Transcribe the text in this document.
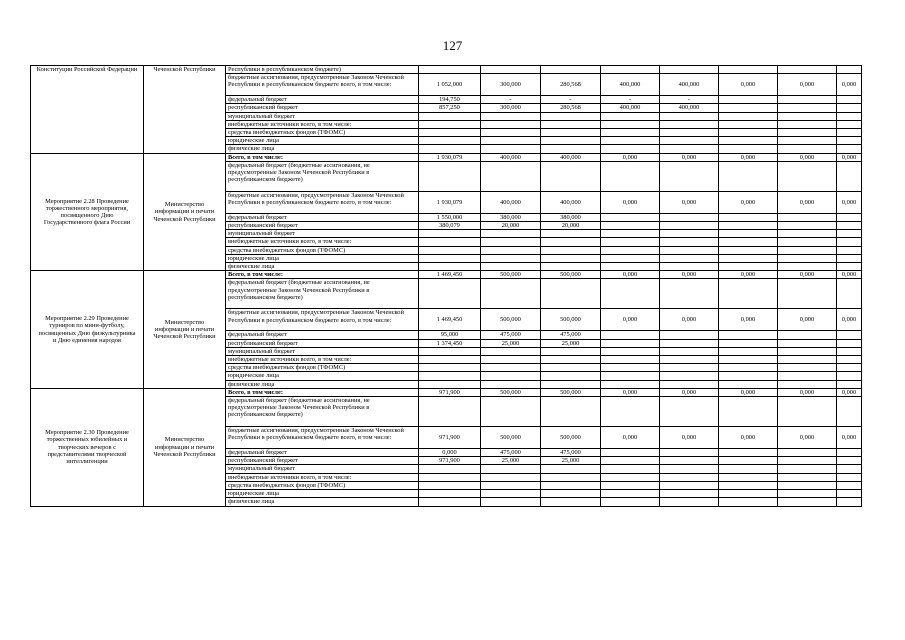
127
Конституции Российской Федерации	Чеченской Республики	Республики в республиканском бюджете)									
		бюджетные ассигнования, предусмотренные Законом Чеченской Республики в республиканском бюджете всего, в том числе:	1 052,000	300,000	280,568	400,000	400,000	0,000	0,000	0,000	
		федеральный бюджет	194,750	-	-	-	-				
		республиканский бюджет	857,250	300,000	280,568	400,000	400,000				
		муниципальный бюджет									
		внебюджетные источники всего, в том числе:									
		средства внебюджетных фондов (ТФОМС)									
		юридические лица									
		физические лица									
Мероприятие 2.28 Проведение торжественного мероприятия, посвященного Дню Государственного флага России	Министерство информации и печати Чеченской Республики	Всего, в том числе:	1 930,079	400,000	400,000	0,000	0,000	0,000	0,000	0,000	
		федеральный бюджет (бюджетные ассигнования, не предусмотренные Законом Чеченской Республики в республиканском бюджете)									
		бюджетные ассигнования, предусмотренные Законом Чеченской Республики в республиканском бюджете всего, в том числе:	1 930,079	400,000	400,000	0,000	0,000	0,000	0,000	0,000	
		федеральный бюджет	1 550,000	380,000	380,000						
		республиканский бюджет	380,079	20,000	20,000						
		муниципальный бюджет									
		внебюджетные источники всего, в том числе:									
		средства внебюджетных фондов (ТФОМС)									
		юридические лица									
		физические лица									
Мероприятие 2.29 Проведение турниров по мини-футболу, посвященных Дню физкультурника и Дню единения народов	Министерство информации и печати Чеченской Республики	Всего, в том числе:	1 469,450	500,000	500,000	0,000	0,000	0,000	0,000	0,000	
		федеральный бюджет (бюджетные ассигнования, не предусмотренные Законом Чеченской Республики в республиканском бюджете)									
		бюджетные ассигнования, предусмотренные Законом Чеченской Республики в республиканском бюджете всего, в том числе:	1 469,450	500,000	500,000	0,000	0,000	0,000	0,000	0,000	
		федеральный бюджет	95,000	475,000	475,000						
		республиканский бюджет	1 374,450	25,000	25,000						
		муниципальный бюджет									
		внебюджетные источники всего, в том числе:									
		средства внебюджетных фондов (ТФОМС)									
		юридические лица									
		физические лица									
Мероприятие 2.30 Проведение торжественных юбилейных и творческих вечеров с представителями творческой интеллигенции	Министерство информации и печати Чеченской Республики	Всего, в том числе:	971,900	500,000	500,000	0,000	0,000	0,000	0,000	0,000	
		федеральный бюджет (бюджетные ассигнования, не предусмотренные Законом Чеченской Республики в республиканском бюджете)									
		бюджетные ассигнования, предусмотренные Законом Чеченской Республики в республиканском бюджете всего, в том числе:	971,900	500,000	500,000	0,000	0,000	0,000	0,000	0,000	
		федеральный бюджет	0,000	475,000	475,000						
		республиканский бюджет	971,900	25,000	25,000						
		муниципальный бюджет									
		внебюджетные источники всего, в том числе:									
		средства внебюджетных фондов (ТФОМС)									
		юридические лица									
		физические лица									
